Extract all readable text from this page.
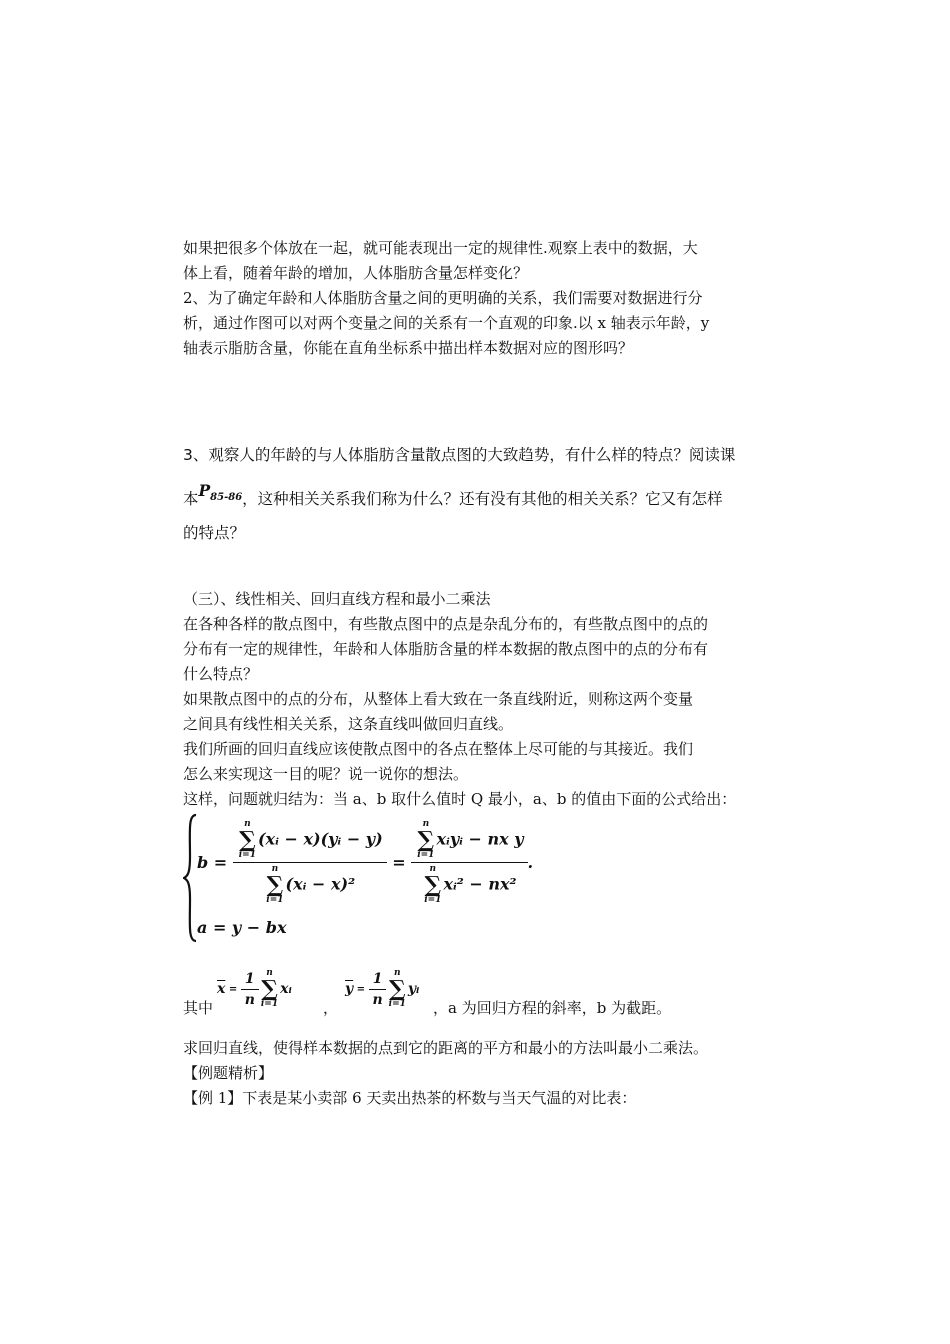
如果把很多个体放在一起，就可能表现出一定的规律性.观察上表中的数据，大

体上看，随着年龄的增加，人体脂肪含量怎样变化？

2、为了确定年龄和人体脂肪含量之间的更明确的关系，我们需要对数据进行分

析，通过作图可以对两个变量之间的关系有一个直观的印象.以 x 轴表示年龄，y

轴表示脂肪含量，你能在直角坐标系中描出样本数据对应的图形吗？

3、观察人的年龄的与人体脂肪含量散点图的大致趋势，有什么样的特点？阅读课

本$P_{85-86}$，这种相关关系我们称为什么？还有没有其他的相关关系？它又有怎样

的特点？

（三）、线性相关、回归直线方程和最小二乘法

在各种各样的散点图中，有些散点图中的点是杂乱分布的，有些散点图中的点的

分布有一定的规律性，年龄和人体脂肪含量的样本数据的散点图中的点的分布有

什么特点？

如果散点图中的点的分布，从整体上看大致在一条直线附近，则称这两个变量

之间具有线性相关关系，这条直线叫做回归直线。

我们所画的回归直线应该使散点图中的各点在整体上尽可能的与其接近。我们

怎么来实现这一目的呢？说一说你的想法。

这样，问题就归结为：当 a、b 取什么值时 Q 最小，a、b 的值由下面的公式给出：

b = n
∑
i=1
(xᵢ − x)(yᵢ − y)
n
∑
i=1
(xᵢ − x)² = n
∑
i=1
xᵢyᵢ − nx y
n
∑
i=1
xᵢ² − nx² .
a = y − bx
其中
$\overline{x} = \frac{1}{n}$ n
∑
i=1
xᵢ
，
$\overline{y} = \frac{1}{n}$ n
∑
i=1
yᵢ
，a 为回归方程的斜率，b 为截距。

求回归直线，使得样本数据的点到它的距离的平方和最小的方法叫最小二乘法。

【例题精析】

【例 1】下表是某小卖部 6 天卖出热茶的杯数与当天气温的对比表：
